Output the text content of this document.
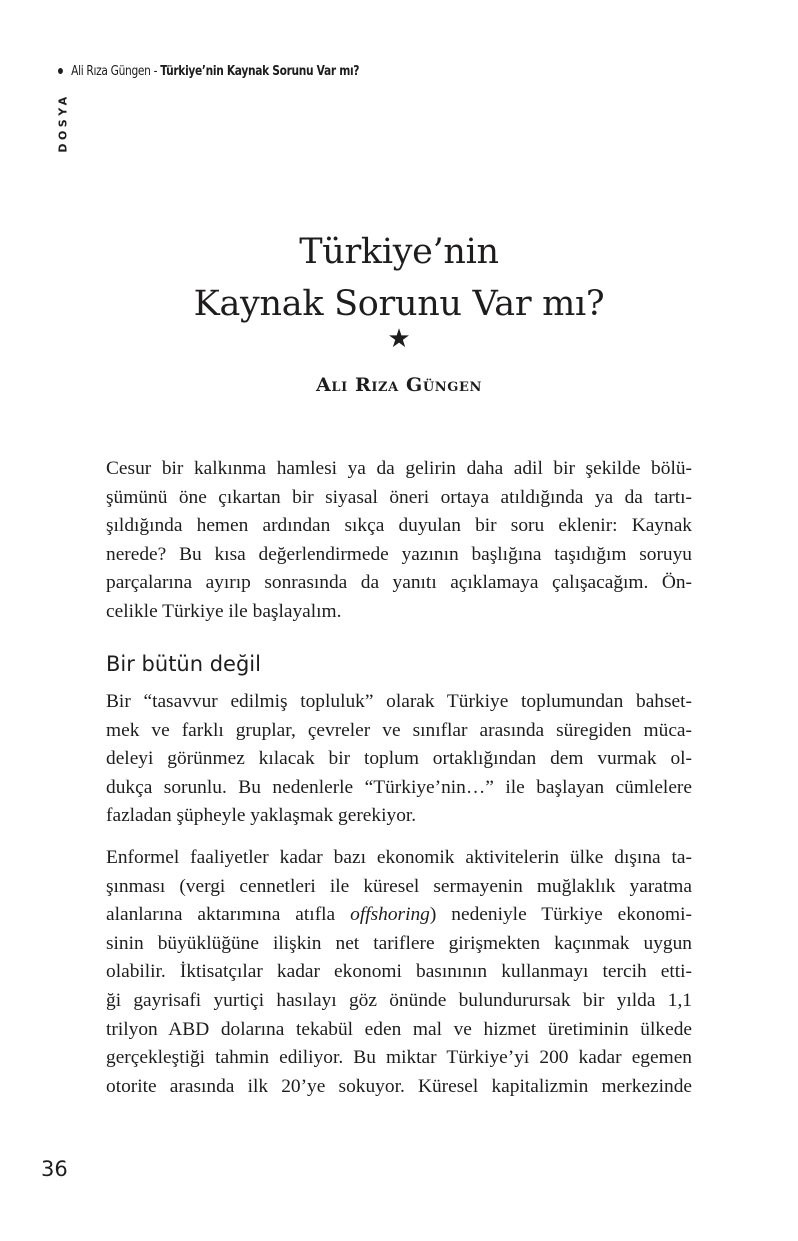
Ali Rıza Güngen - Türkiye’nin Kaynak Sorunu Var mı?
DOSYA
Türkiye’nin
Kaynak Sorunu Var mı?
★
Ali Rıza Güngen
Cesur bir kalkınma hamlesi ya da gelirin daha adil bir şekilde bölü-
şümünü öne çıkartan bir siyasal öneri ortaya atıldığında ya da tartı-
şıldığında hemen ardından sıkça duyulan bir soru eklenir: Kaynak
nerede? Bu kısa değerlendirmede yazının başlığına taşıdığım soruyu
parçalarına ayırıp sonrasında da yanıtı açıklamaya çalışacağım. Ön-
celikle Türkiye ile başlayalım.
Bir bütün değil
Bir “tasavvur edilmiş topluluk” olarak Türkiye toplumundan bahset-
mek ve farklı gruplar, çevreler ve sınıflar arasında süregiden müca-
deleyi görünmez kılacak bir toplum ortaklığından dem vurmak ol-
dukça sorunlu. Bu nedenlerle “Türkiye’nin…” ile başlayan cümlelere
fazladan şüpheyle yaklaşmak gerekiyor.
Enformel faaliyetler kadar bazı ekonomik aktivitelerin ülke dışına ta-
şınması (vergi cennetleri ile küresel sermayenin muğlaklık yaratma
alanlarına aktarımına atıfla offshoring) nedeniyle Türkiye ekonomi-
sinin büyüklüğüne ilişkin net tariflere girişmekten kaçınmak uygun
olabilir. İktisatçılar kadar ekonomi basınının kullanmayı tercih etti-
ği gayrisafi yurtiçi hasılayı göz önünde bulundurursak bir yılda 1,1
trilyon ABD dolarına tekabül eden mal ve hizmet üretiminin ülkede
gerçekleştiği tahmin ediliyor. Bu miktar Türkiye’yi 200 kadar egemen
otorite arasında ilk 20’ye sokuyor. Küresel kapitalizmin merkezinde
36
